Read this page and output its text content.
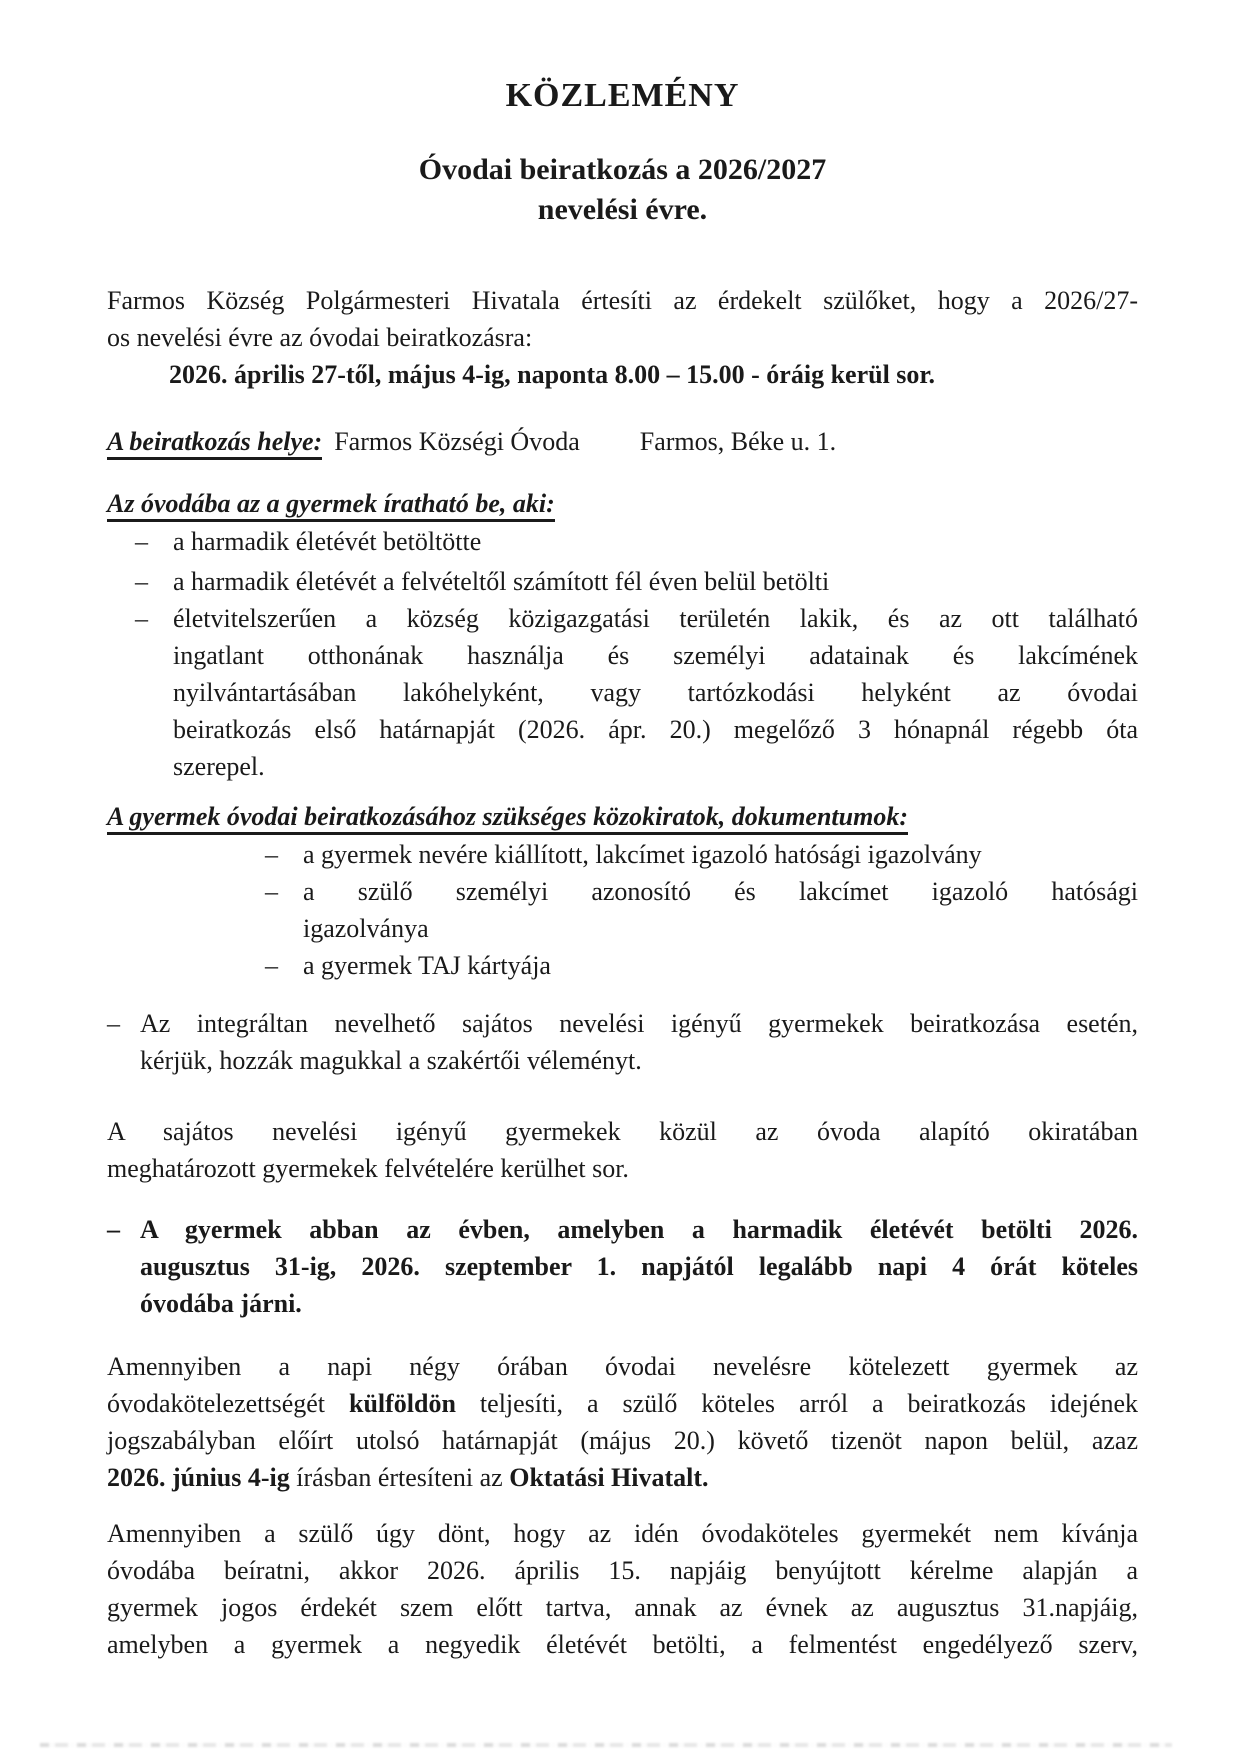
KÖZLEMÉNY
Óvodai beiratkozás a 2026/2027
nevelési évre.
Farmos Község Polgármesteri Hivatala értesíti az érdekelt szülőket, hogy a 2026/27-
os nevelési évre az óvodai beiratkozásra:
2026. április 27-től, május 4-ig, naponta 8.00 – 15.00 - óráig kerül sor.
A beiratkozás helye: Farmos Községi Óvoda Farmos, Béke u. 1.
Az óvodába az a gyermek íratható be, aki:
– a harmadik életévét betöltötte
– a harmadik életévét a felvételtől számított fél éven belül betölti
– életvitelszerűen a község közigazgatási területén lakik, és az ott található
ingatlant otthonának használja és személyi adatainak és lakcímének
nyilvántartásában lakóhelyként, vagy tartózkodási helyként az óvodai
beiratkozás első határnapját (2026. ápr. 20.) megelőző 3 hónapnál régebb óta
szerepel.
A gyermek óvodai beiratkozásához szükséges közokiratok, dokumentumok:
– a gyermek nevére kiállított, lakcímet igazoló hatósági igazolvány
– a szülő személyi azonosító és lakcímet igazoló hatósági
igazolványa
– a gyermek TAJ kártyája
– Az integráltan nevelhető sajátos nevelési igényű gyermekek beiratkozása esetén,
kérjük, hozzák magukkal a szakértői véleményt.
A sajátos nevelési igényű gyermekek közül az óvoda alapító okiratában
meghatározott gyermekek felvételére kerülhet sor.
– A gyermek abban az évben, amelyben a harmadik életévét betölti 2026.
augusztus 31-ig, 2026. szeptember 1. napjától legalább napi 4 órát köteles
óvodába járni.
Amennyiben a napi négy órában óvodai nevelésre kötelezett gyermek az
óvodakötelezettségét külföldön teljesíti, a szülő köteles arról a beiratkozás idejének
jogszabályban előírt utolsó határnapját (május 20.) követő tizenöt napon belül, azaz
2026. június 4-ig írásban értesíteni az Oktatási Hivatalt.
Amennyiben a szülő úgy dönt, hogy az idén óvodaköteles gyermekét nem kívánja
óvodába beíratni, akkor 2026. április 15. napjáig benyújtott kérelme alapján a
gyermek jogos érdekét szem előtt tartva, annak az évnek az augusztus 31.napjáig,
amelyben a gyermek a negyedik életévét betölti, a felmentést engedélyező szerv,
